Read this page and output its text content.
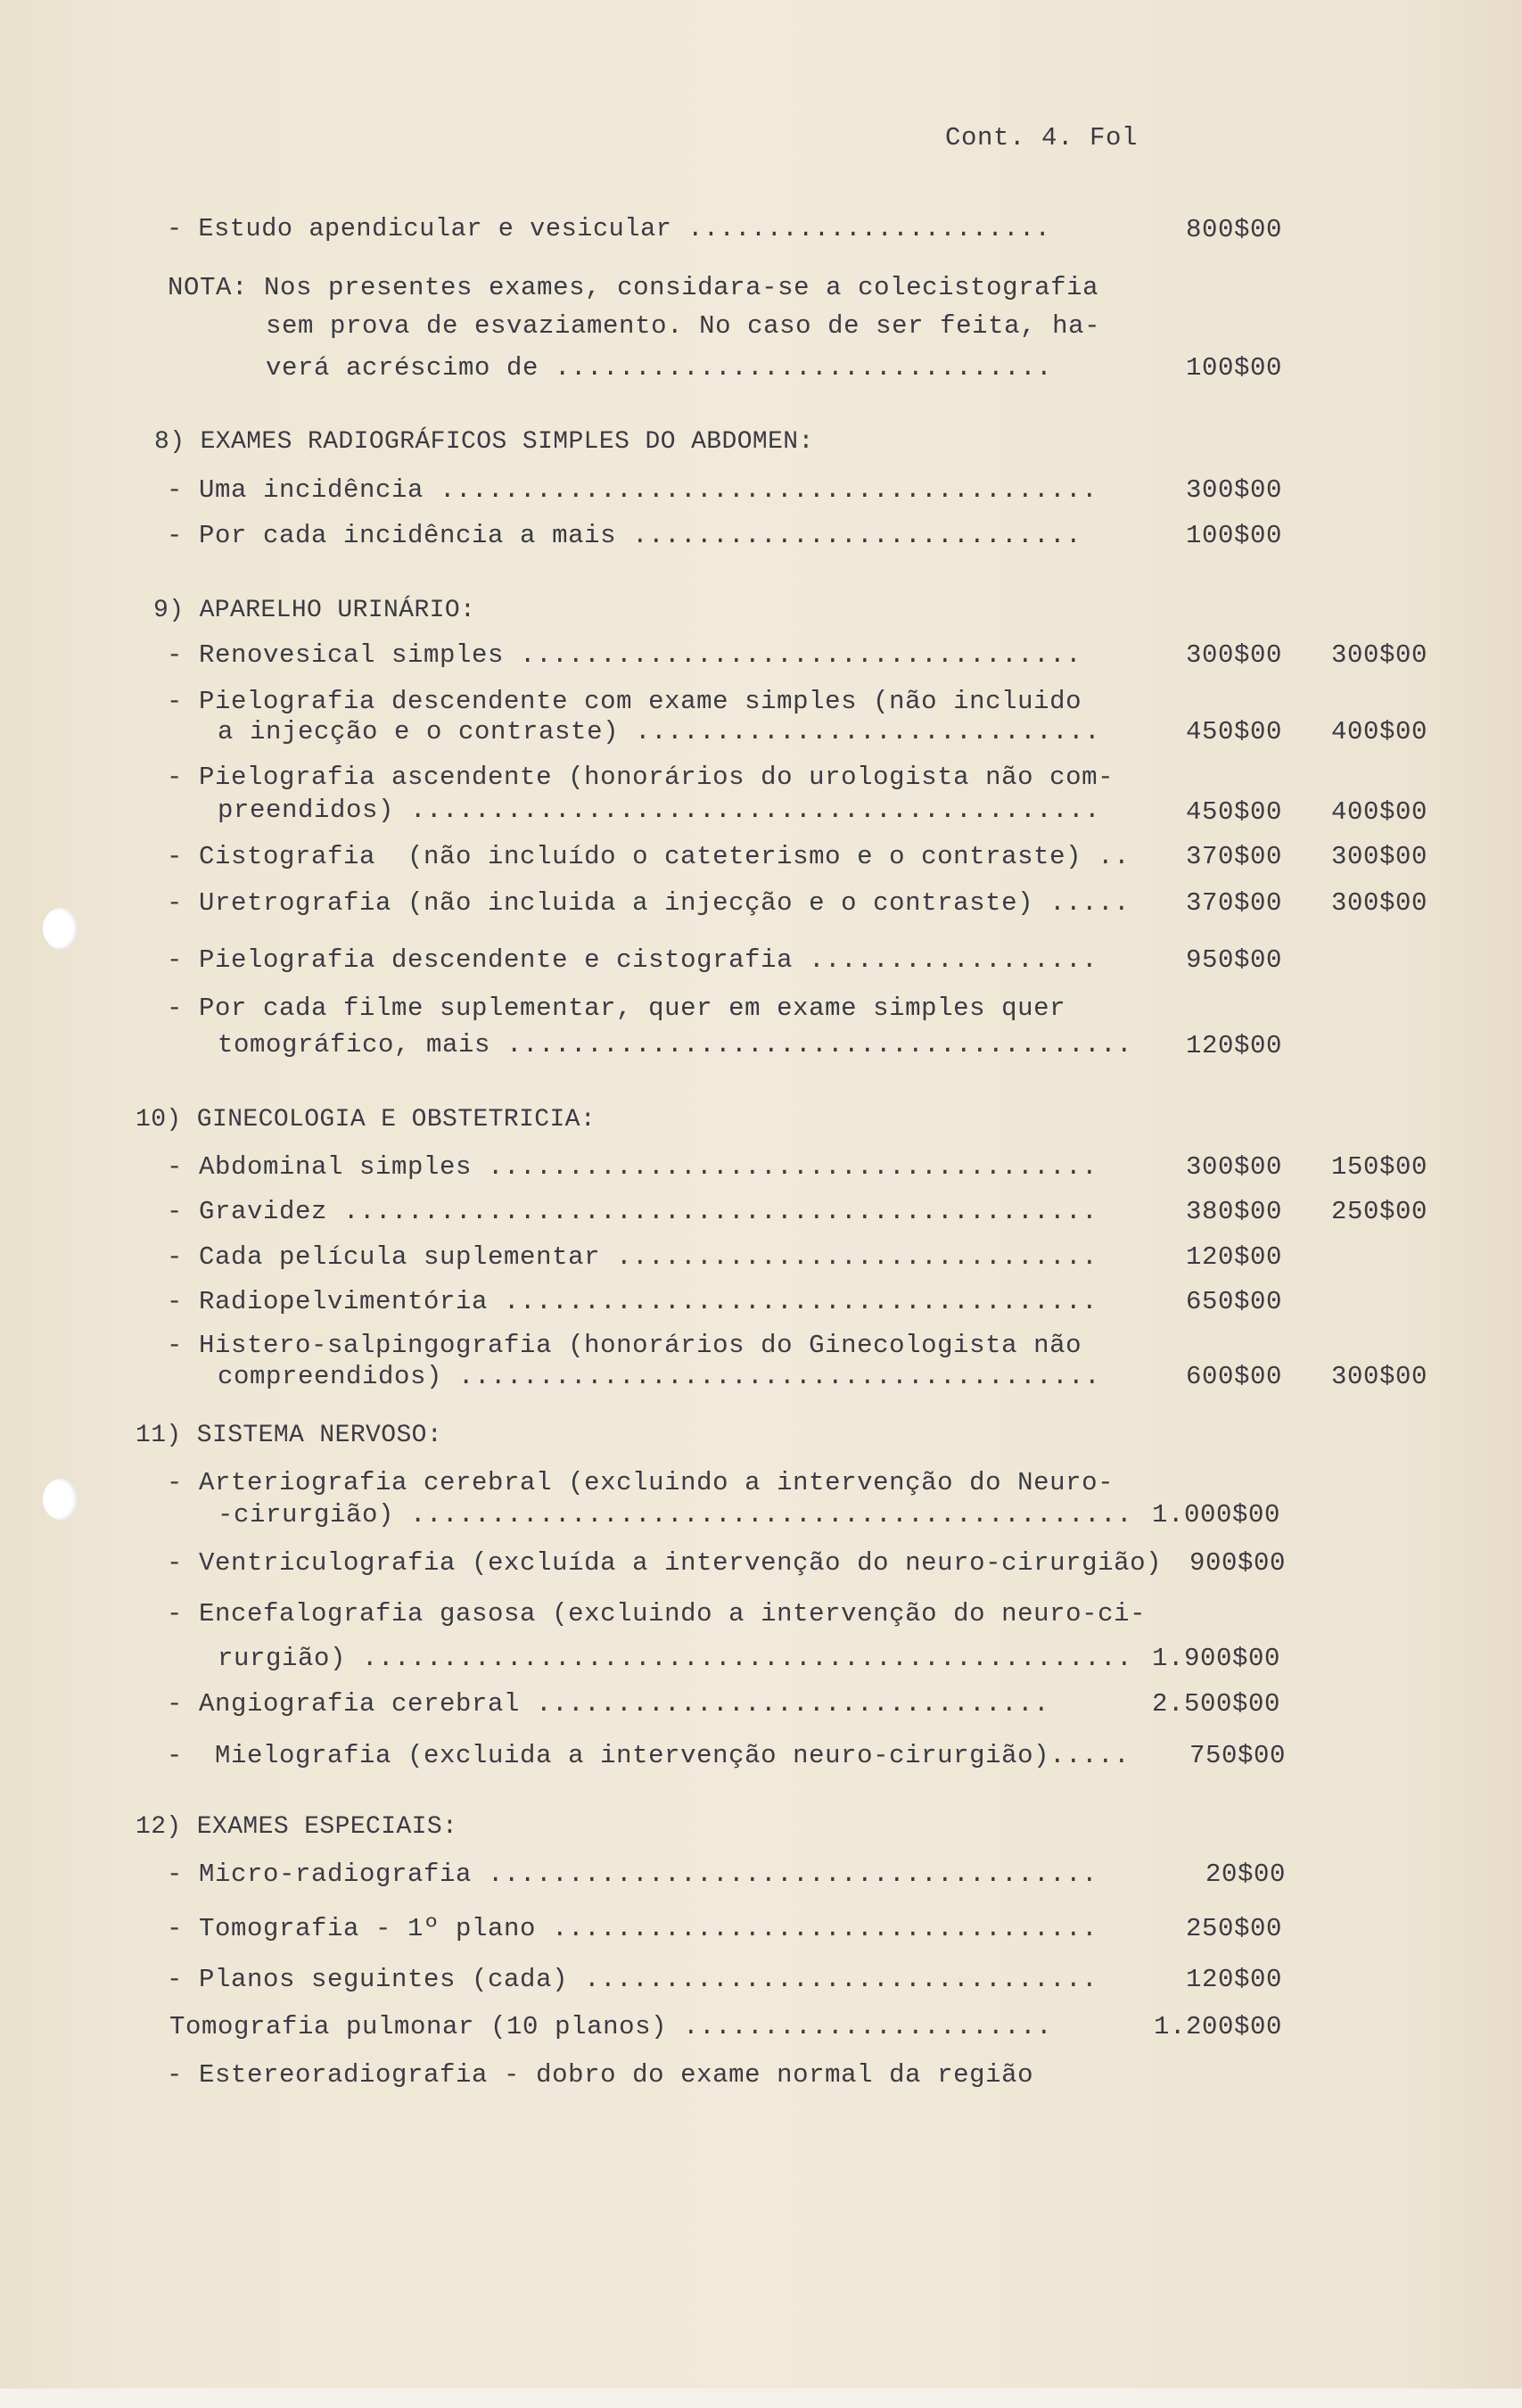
Cont. 4. Fol
- Estudo apendicular e vesicular .......................	800$00
NOTA: Nos presentes exames, considara-se a colecistografia
sem prova de esvaziamento. No caso de ser feita, ha-
verá acréscimo de ...............................	100$00
8) EXAMES RADIOGRÁFICOS SIMPLES DO ABDOMEN:
- Uma incidência .........................................	300$00
- Por cada incidência a mais ............................	100$00
9) APARELHO URINÁRIO:
- Renovesical simples ...................................	300$00 300$00
- Pielografia descendente com exame simples (não incluido
a injecção e o contraste) .............................	450$00 400$00
- Pielografia ascendente (honorários do urologista não com-
preendidos) ...........................................	450$00 400$00
- Cistografia  (não incluído o cateterismo e o contraste) .. 370$00 300$00
- Uretrografia (não incluida a injecção e o contraste) ..... 370$00 300$00
- Pielografia descendente e cistografia ..................	950$00
- Por cada filme suplementar, quer em exame simples quer
tomográfico, mais ....................................... 120$00
10) GINECOLOGIA E OBSTETRICIA:
- Abdominal simples ......................................	300$00 150$00
- Gravidez ...............................................	380$00 250$00
- Cada película suplementar ..............................	120$00
- Radiopelvimentória .....................................	650$00
- Histero-salpingografia (honorários do Ginecologista não
compreendidos) ........................................	600$00 300$00
11) SISTEMA NERVOSO:
- Arteriografia cerebral (excluindo a intervenção do Neuro-
-cirurgião) ............................................. 1.000$00
- Ventriculografia (excluída a intervenção do neuro-cirurgião) 900$00
- Encefalografia gasosa (excluindo a intervenção do neuro-ci-
rurgião) ................................................ 1.900$00
- Angiografia cerebral ................................	2.500$00
-  Mielografia (excluida a intervenção neuro-cirurgião)..... 750$00
12) EXAMES ESPECIAIS:
- Micro-radiografia ......................................	20$00
- Tomografia - 1º plano ..................................	250$00
- Planos seguintes (cada) ................................	120$00
Tomografia pulmonar (10 planos) .......................	1.200$00
- Estereoradiografia - dobro do exame normal da região
